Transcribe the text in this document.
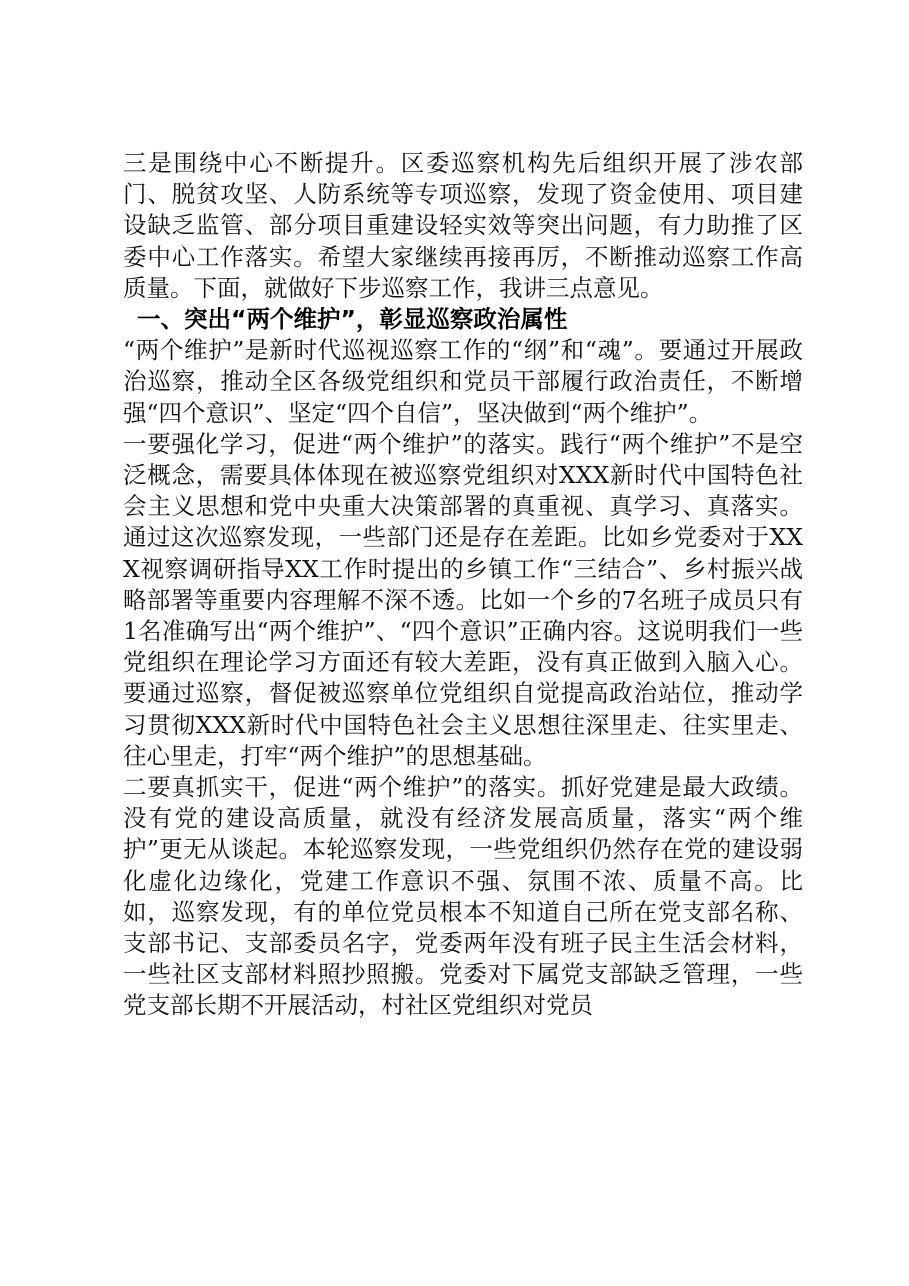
三是围绕中心不断提升。区委巡察机构先后组织开展了涉农部门、脱贫攻坚、人防系统等专项巡察，发现了资金使用、项目建设缺乏监管、部分项目重建设轻实效等突出问题，有力助推了区委中心工作落实。希望大家继续再接再厉，不断推动巡察工作高质量。下面，就做好下步巡察工作，我讲三点意见。

一、突出“两个维护”，彰显巡察政治属性

“两个维护”是新时代巡视巡察工作的“纲”和“魂”。要通过开展政治巡察，推动全区各级党组织和党员干部履行政治责任，不断增强“四个意识”、坚定“四个自信”，坚决做到“两个维护”。

一要强化学习，促进“两个维护”的落实。践行“两个维护”不是空泛概念，需要具体体现在被巡察党组织对XXX新时代中国特色社会主义思想和党中央重大决策部署的真重视、真学习、真落实。通过这次巡察发现，一些部门还是存在差距。比如乡党委对于XXX视察调研指导XX工作时提出的乡镇工作“三结合”、乡村振兴战略部署等重要内容理解不深不透。比如一个乡的7名班子成员只有1名准确写出“两个维护”、“四个意识”正确内容。这说明我们一些党组织在理论学习方面还有较大差距，没有真正做到入脑入心。要通过巡察，督促被巡察单位党组织自觉提高政治站位，推动学习贯彻XXX新时代中国特色社会主义思想往深里走、往实里走、往心里走，打牢“两个维护”的思想基础。

二要真抓实干，促进“两个维护”的落实。抓好党建是最大政绩。没有党的建设高质量，就没有经济发展高质量，落实“两个维护”更无从谈起。本轮巡察发现，一些党组织仍然存在党的建设弱化虚化边缘化，党建工作意识不强、氛围不浓、质量不高。比如，巡察发现，有的单位党员根本不知道自己所在党支部名称、支部书记、支部委员名字，党委两年没有班子民主生活会材料，一些社区支部材料照抄照搬。党委对下属党支部缺乏管理，一些党支部长期不开展活动，村社区党组织对党员
